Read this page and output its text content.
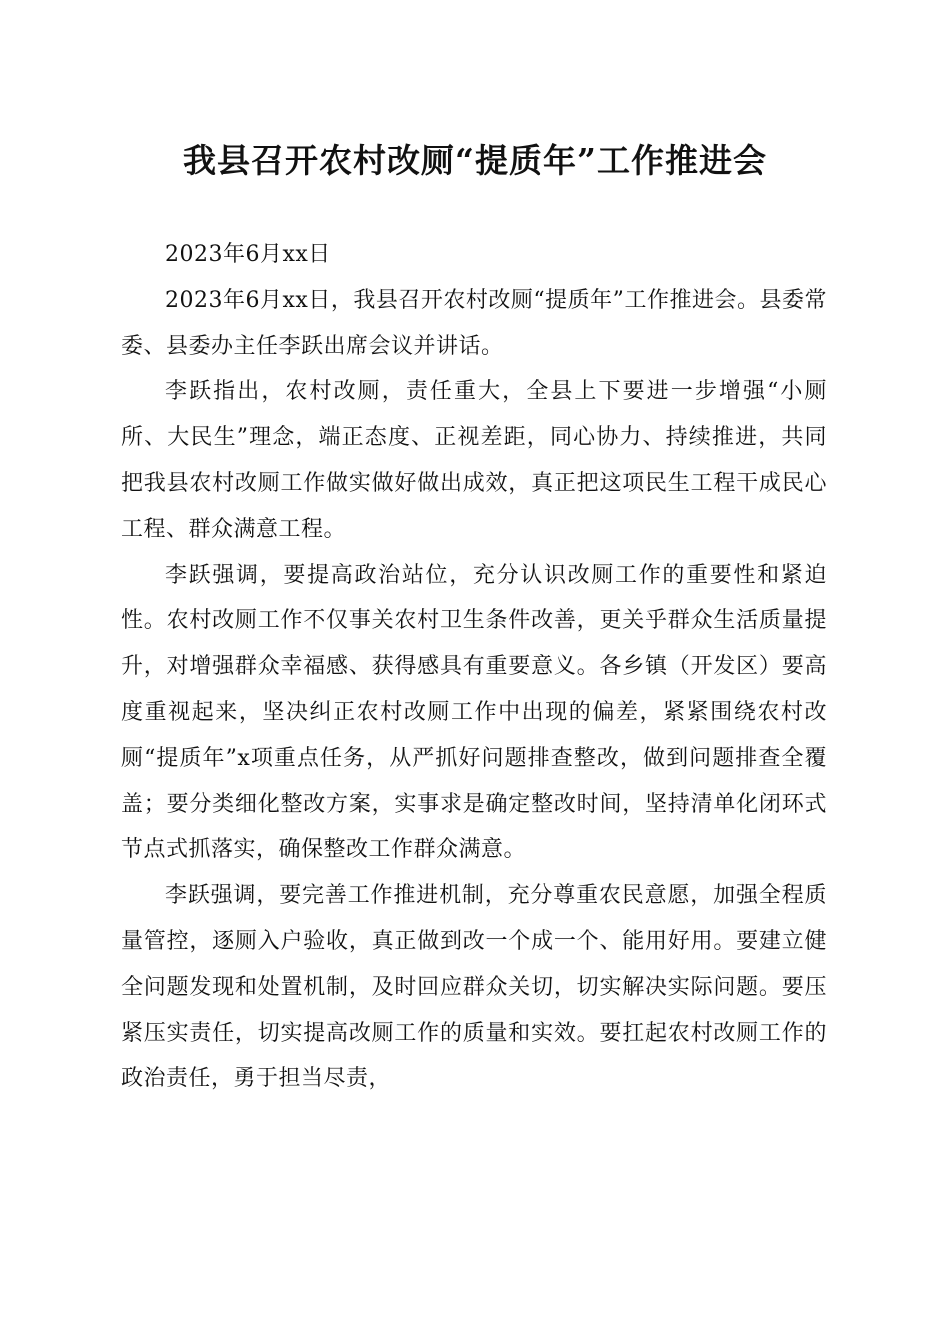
我县召开农村改厕“提质年”工作推进会

2023年6月xx日

2023年6月xx日，我县召开农村改厕“提质年”工作推进会。县委常委、县委办主任李跃出席会议并讲话。

李跃指出，农村改厕，责任重大，全县上下要进一步增强“小厕所、大民生”理念，端正态度、正视差距，同心协力、持续推进，共同把我县农村改厕工作做实做好做出成效，真正把这项民生工程干成民心工程、群众满意工程。

李跃强调，要提高政治站位，充分认识改厕工作的重要性和紧迫性。农村改厕工作不仅事关农村卫生条件改善，更关乎群众生活质量提升，对增强群众幸福感、获得感具有重要意义。各乡镇（开发区）要高度重视起来，坚决纠正农村改厕工作中出现的偏差，紧紧围绕农村改厕“提质年”x项重点任务，从严抓好问题排查整改，做到问题排查全覆盖；要分类细化整改方案，实事求是确定整改时间，坚持清单化闭环式节点式抓落实，确保整改工作群众满意。

李跃强调，要完善工作推进机制，充分尊重农民意愿，加强全程质量管控，逐厕入户验收，真正做到改一个成一个、能用好用。要建立健全问题发现和处置机制，及时回应群众关切，切实解决实际问题。要压紧压实责任，切实提高改厕工作的质量和实效。要扛起农村改厕工作的政治责任，勇于担当尽责，
